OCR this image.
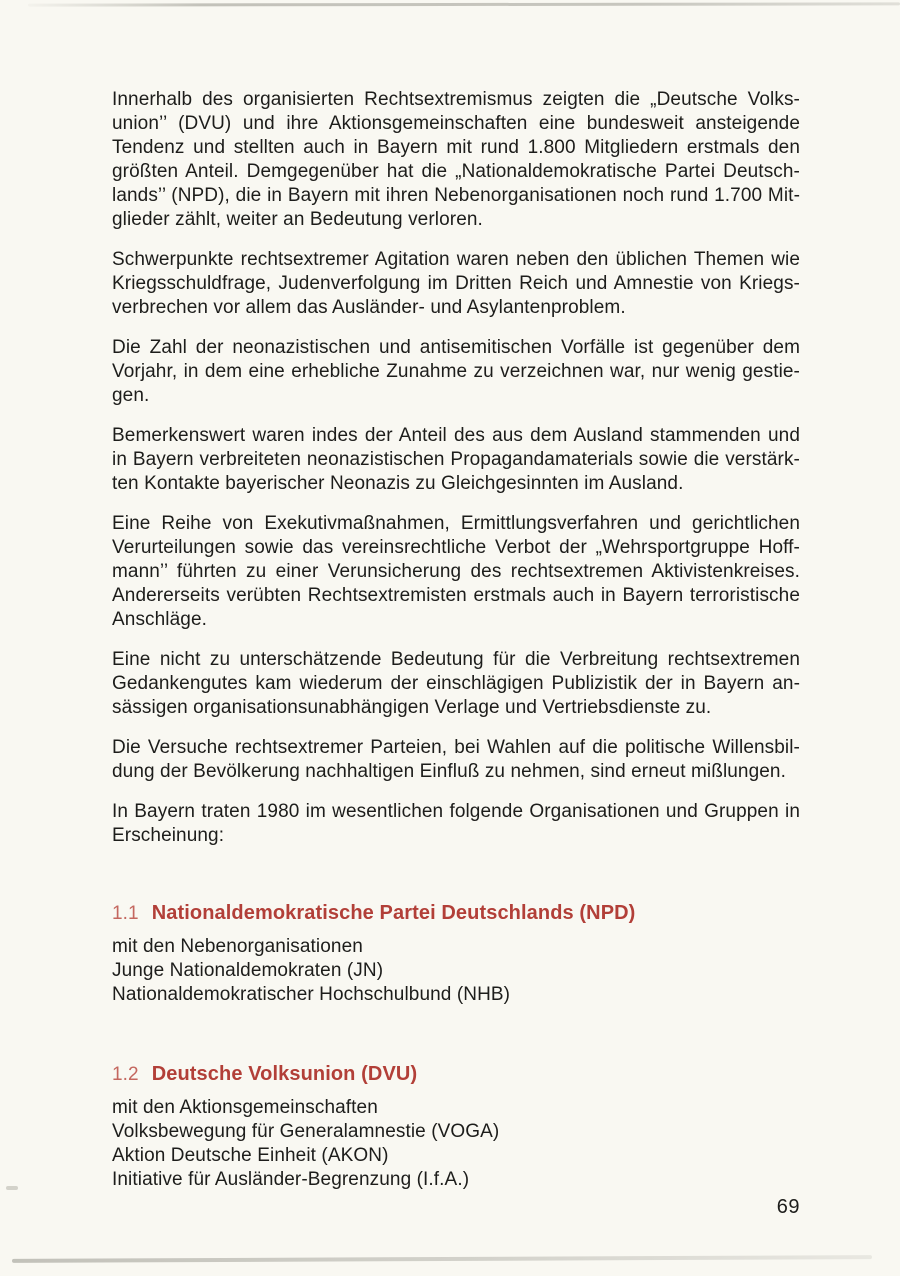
Innerhalb des organisierten Rechtsextremismus zeigten die „Deutsche Volks-
union’’ (DVU) und ihre Aktionsgemeinschaften eine bundesweit ansteigende
Tendenz und stellten auch in Bayern mit rund 1.800 Mitgliedern erstmals den
größten Anteil. Demgegenüber hat die „Nationaldemokratische Partei Deutsch-
lands’’ (NPD), die in Bayern mit ihren Nebenorganisationen noch rund 1.700 Mit-
glieder zählt, weiter an Bedeutung verloren.
Schwerpunkte rechtsextremer Agitation waren neben den üblichen Themen wie
Kriegsschuldfrage, Judenverfolgung im Dritten Reich und Amnestie von Kriegs-
verbrechen vor allem das Ausländer- und Asylantenproblem.
Die Zahl der neonazistischen und antisemitischen Vorfälle ist gegenüber dem
Vorjahr, in dem eine erhebliche Zunahme zu verzeichnen war, nur wenig gestie-
gen.
Bemerkenswert waren indes der Anteil des aus dem Ausland stammenden und
in Bayern verbreiteten neonazistischen Propagandamaterials sowie die verstärk-
ten Kontakte bayerischer Neonazis zu Gleichgesinnten im Ausland.
Eine Reihe von Exekutivmaßnahmen, Ermittlungsverfahren und gerichtlichen
Verurteilungen sowie das vereinsrechtliche Verbot der „Wehrsportgruppe Hoff-
mann’’ führten zu einer Verunsicherung des rechtsextremen Aktivistenkreises.
Andererseits verübten Rechtsextremisten erstmals auch in Bayern terroristische
Anschläge.
Eine nicht zu unterschätzende Bedeutung für die Verbreitung rechtsextremen
Gedankengutes kam wiederum der einschlägigen Publizistik der in Bayern an-
sässigen organisationsunabhängigen Verlage und Vertriebsdienste zu.
Die Versuche rechtsextremer Parteien, bei Wahlen auf die politische Willensbil-
dung der Bevölkerung nachhaltigen Einfluß zu nehmen, sind erneut mißlungen.
In Bayern traten 1980 im wesentlichen folgende Organisationen und Gruppen in
Erscheinung:
1.1 Nationaldemokratische Partei Deutschlands (NPD)
mit den Nebenorganisationen
Junge Nationaldemokraten (JN)
Nationaldemokratischer Hochschulbund (NHB)
1.2 Deutsche Volksunion (DVU)
mit den Aktionsgemeinschaften
Volksbewegung für Generalamnestie (VOGA)
Aktion Deutsche Einheit (AKON)
Initiative für Ausländer-Begrenzung (I.f.A.)
69
